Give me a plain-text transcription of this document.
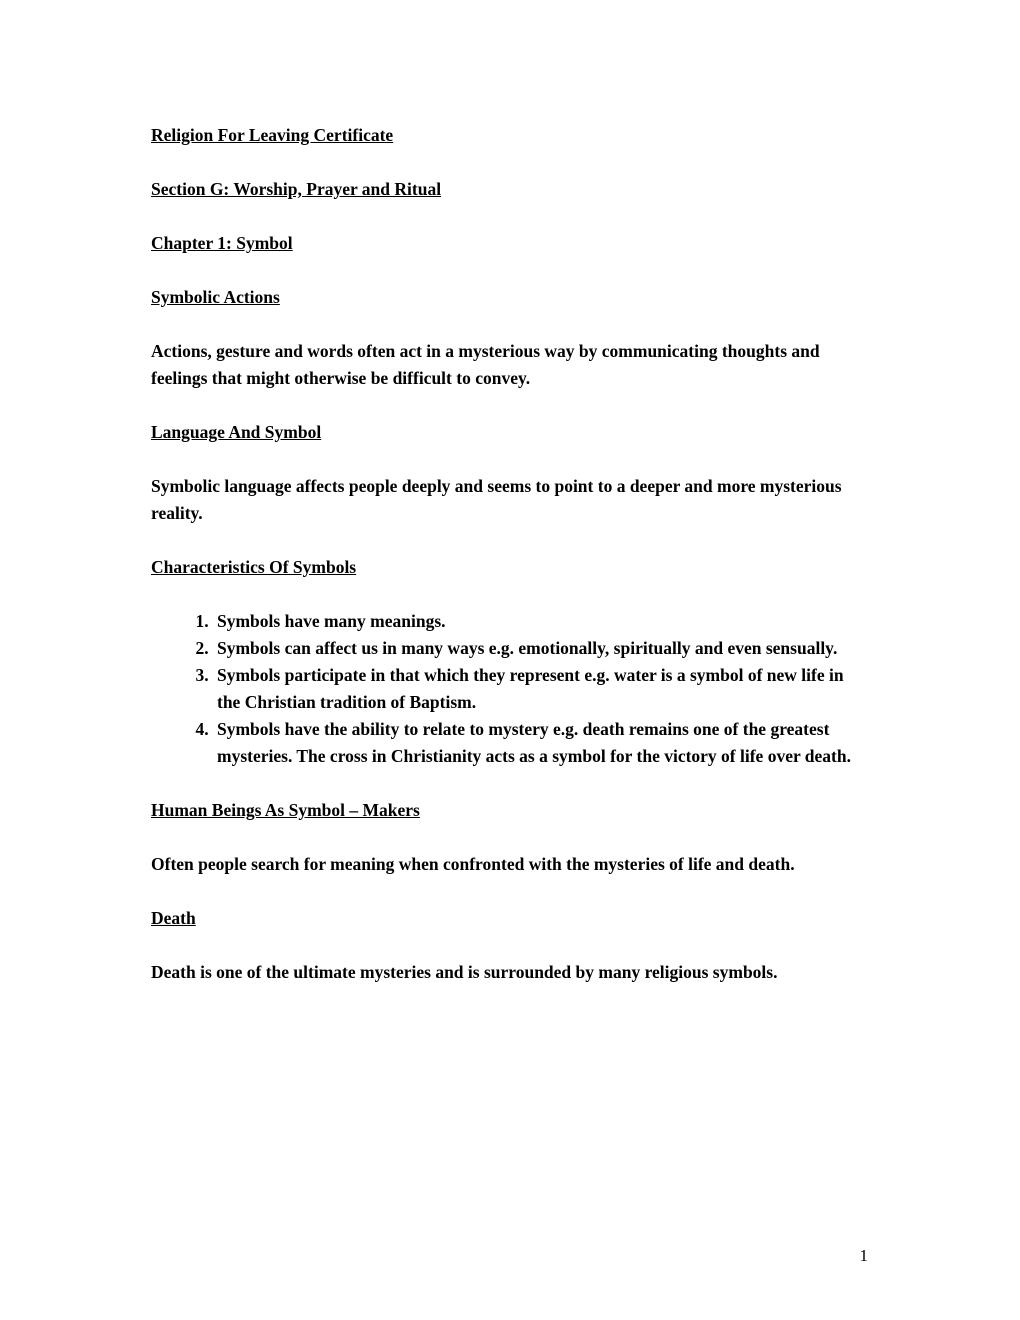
Religion For Leaving Certificate
Section G: Worship, Prayer and Ritual
Chapter 1: Symbol
Symbolic Actions
Actions, gesture and words often act in a mysterious way by communicating thoughts and feelings that might otherwise be difficult to convey.
Language And Symbol
Symbolic language affects people deeply and seems to point to a deeper and more mysterious reality.
Characteristics Of Symbols
1. Symbols have many meanings.
2. Symbols can affect us in many ways e.g. emotionally, spiritually and even sensually.
3. Symbols participate in that which they represent e.g. water is a symbol of new life in the Christian tradition of Baptism.
4. Symbols have the ability to relate to mystery e.g. death remains one of the greatest mysteries. The cross in Christianity acts as a symbol for the victory of life over death.
Human Beings As Symbol – Makers
Often people search for meaning when confronted with the mysteries of life and death.
Death
Death is one of the ultimate mysteries and is surrounded by many religious symbols.
1
